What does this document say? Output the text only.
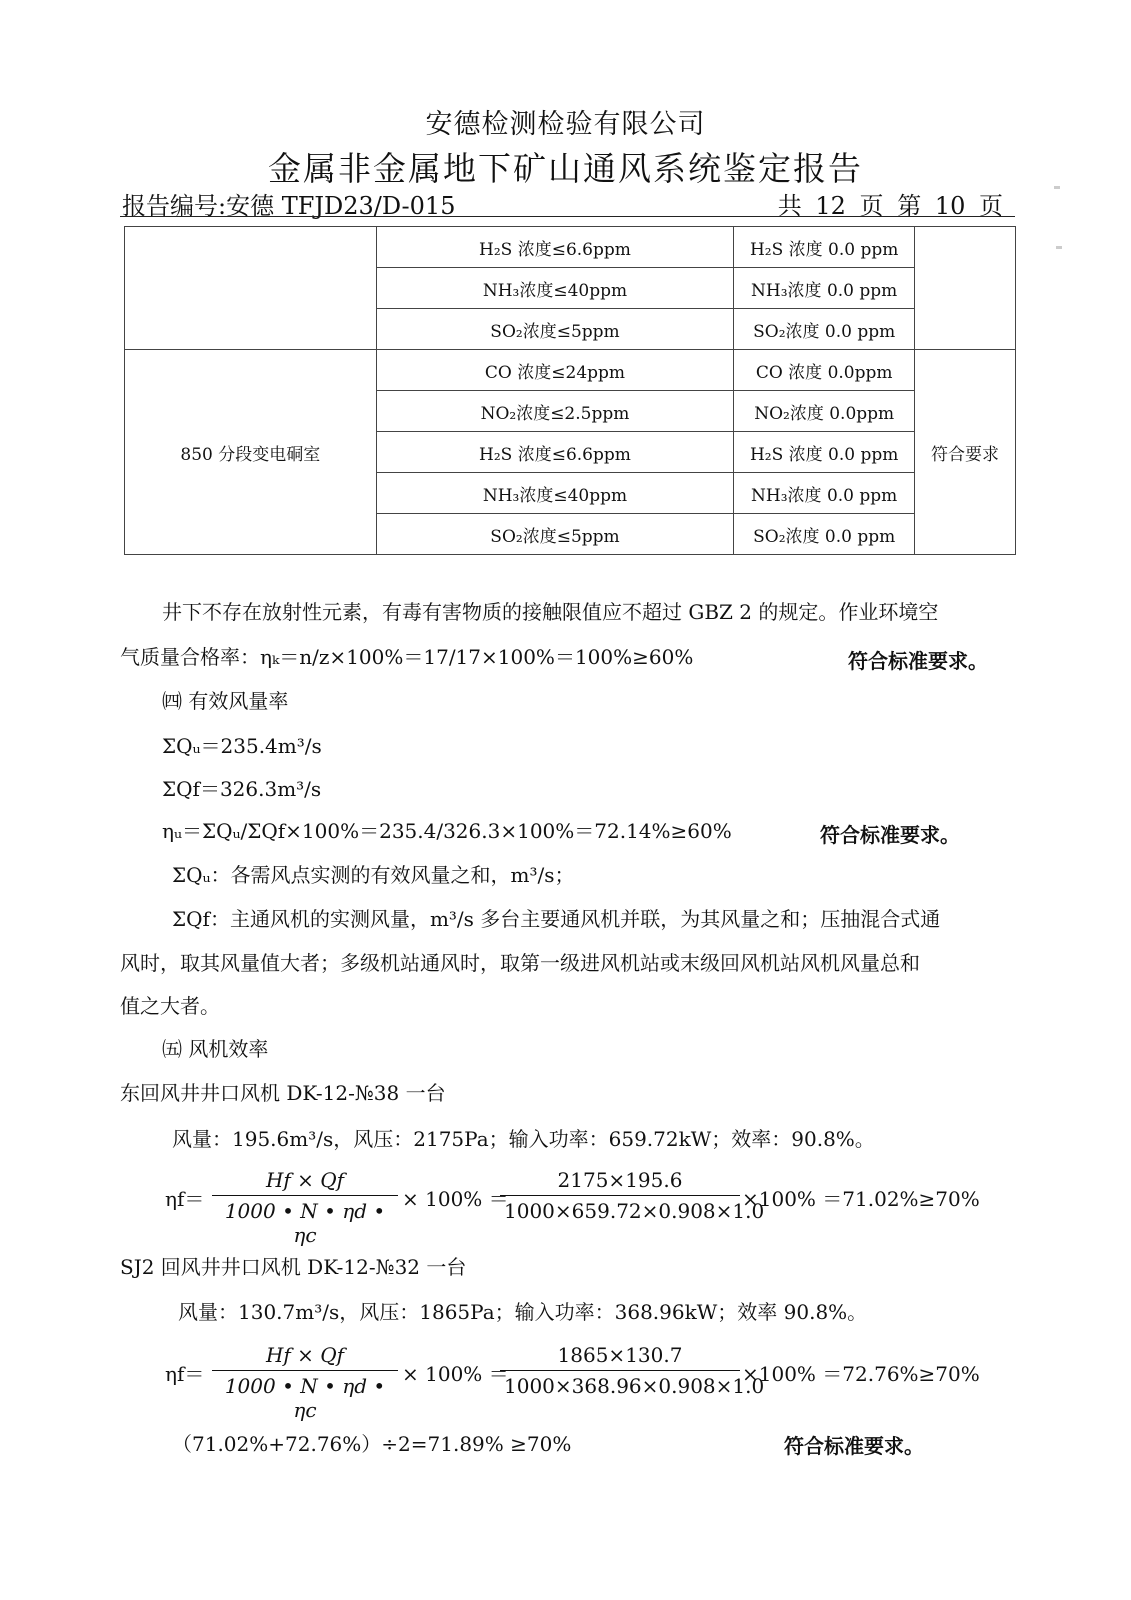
安德检测检验有限公司
金属非金属地下矿山通风系统鉴定报告
报告编号:安德 TFJD23/D-015	共 12 页 第 10 页
	H₂S 浓度≤6.6ppm	H₂S 浓度 0.0 ppm	
	NH₃浓度≤40ppm	NH₃浓度 0.0 ppm	
	SO₂浓度≤5ppm	SO₂浓度 0.0 ppm	
850 分段变电硐室	CO 浓度≤24ppm	CO 浓度 0.0ppm	符合要求
	NO₂浓度≤2.5ppm	NO₂浓度 0.0ppm	
	H₂S 浓度≤6.6ppm	H₂S 浓度 0.0 ppm	
	NH₃浓度≤40ppm	NH₃浓度 0.0 ppm	
	SO₂浓度≤5ppm	SO₂浓度 0.0 ppm	
井下不存在放射性元素，有毒有害物质的接触限值应不超过 GBZ 2 的规定。作业环境空
气质量合格率：ηₖ＝n/z×100%＝17/17×100%＝100%≥60%	符合标准要求。
㈣ 有效风量率
ΣQᵤ＝235.4m³/s
ΣQf＝326.3m³/s
ηᵤ＝ΣQᵤ/ΣQf×100%＝235.4/326.3×100%＝72.14%≥60%	符合标准要求。
ΣQᵤ：各需风点实测的有效风量之和，m³/s；
ΣQf：主通风机的实测风量，m³/s 多台主要通风机并联，为其风量之和；压抽混合式通
风时，取其风量值大者；多级机站通风时，取第一级进风机站或末级回风机站风机风量总和
值之大者。
㈤ 风机效率
东回风井井口风机 DK-12-№38 一台
风量：195.6m³/s，风压：2175Pa；输入功率：659.72kW；效率：90.8%。
$\eta f= \frac{Hf \times Qf}{1000 • N • \eta d • \eta c} \times 100\%$ ＝
$\frac{2175\times 195.6}{1000\times 659.72\times 0.908\times 1.0} \times 100\% =71.02\%\ge 70\%$
SJ2 回风井井口风机 DK-12-№32 一台
风量：130.7m³/s，风压：1865Pa；输入功率：368.96kW；效率 90.8%。
$\eta f= \frac{Hf \times Qf}{1000 • N • \eta d • \eta c} \times 100\%$ ＝
$\frac{1865\times 130.7}{1000\times 368.96\times 0.908\times 1.0} \times 100\% =72.76\%\ge 70\%$
（71.02%+72.76%）÷2=71.89% ≥70%	符合标准要求。
